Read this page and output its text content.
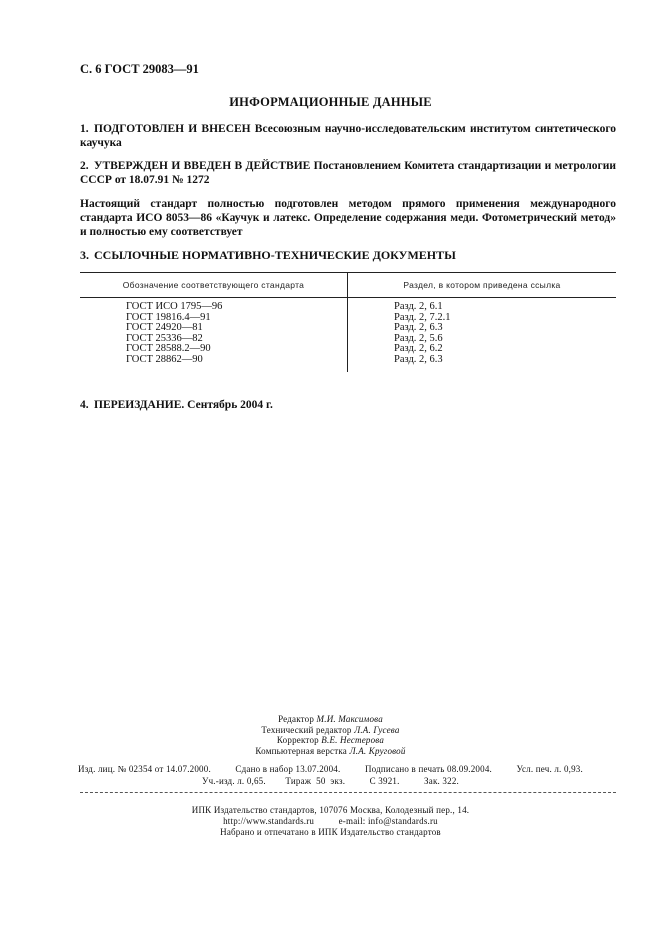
С. 6 ГОСТ 29083—91
ИНФОРМАЦИОННЫЕ ДАННЫЕ
1. ПОДГОТОВЛЕН И ВНЕСЕН Всесоюзным научно-исследовательским институтом синтетического каучука
2. УТВЕРЖДЕН И ВВЕДЕН В ДЕЙСТВИЕ Постановлением Комитета стандартизации и метрологии СССР от 18.07.91 № 1272
Настоящий стандарт полностью подготовлен методом прямого применения международного стандарта ИСО 8053—86 «Каучук и латекс. Определение содержания меди. Фотометрический метод» и полностью ему соответствует
3. ССЫЛОЧНЫЕ НОРМАТИВНО-ТЕХНИЧЕСКИЕ ДОКУМЕНТЫ
Обозначение соответствующего стандарта	Раздел, в котором приведена ссылка
ГОСТ ИСО 1795—96
ГОСТ 19816.4—91
ГОСТ 24920—81
ГОСТ 25336—82
ГОСТ 28588.2—90
ГОСТ 28862—90
Разд. 2, 6.1
Разд. 2, 7.2.1
Разд. 2, 6.3
Разд. 2, 5.6
Разд. 2, 6.2
Разд. 2, 6.3
4. ПЕРЕИЗДАНИЕ. Сентябрь 2004 г.
Редактор М.И. Максимова
Технический редактор Л.А. Гусева
Корректор В.Е. Нестерова
Компьютерная верстка Л.А. Круговой
Изд. лиц. № 02354 от 14.07.2000.          Сдано в набор 13.07.2004.          Подписано в печать 08.09.2004.          Усл. печ. л. 0,93.
Уч.-изд. л. 0,65.        Тираж  50  экз.          С 3921.          Зак. 322.
ИПК Издательство стандартов, 107076 Москва, Колодезный пер., 14.
http://www.standards.ru          e-mail: info@standards.ru
Набрано и отпечатано в ИПК Издательство стандартов
